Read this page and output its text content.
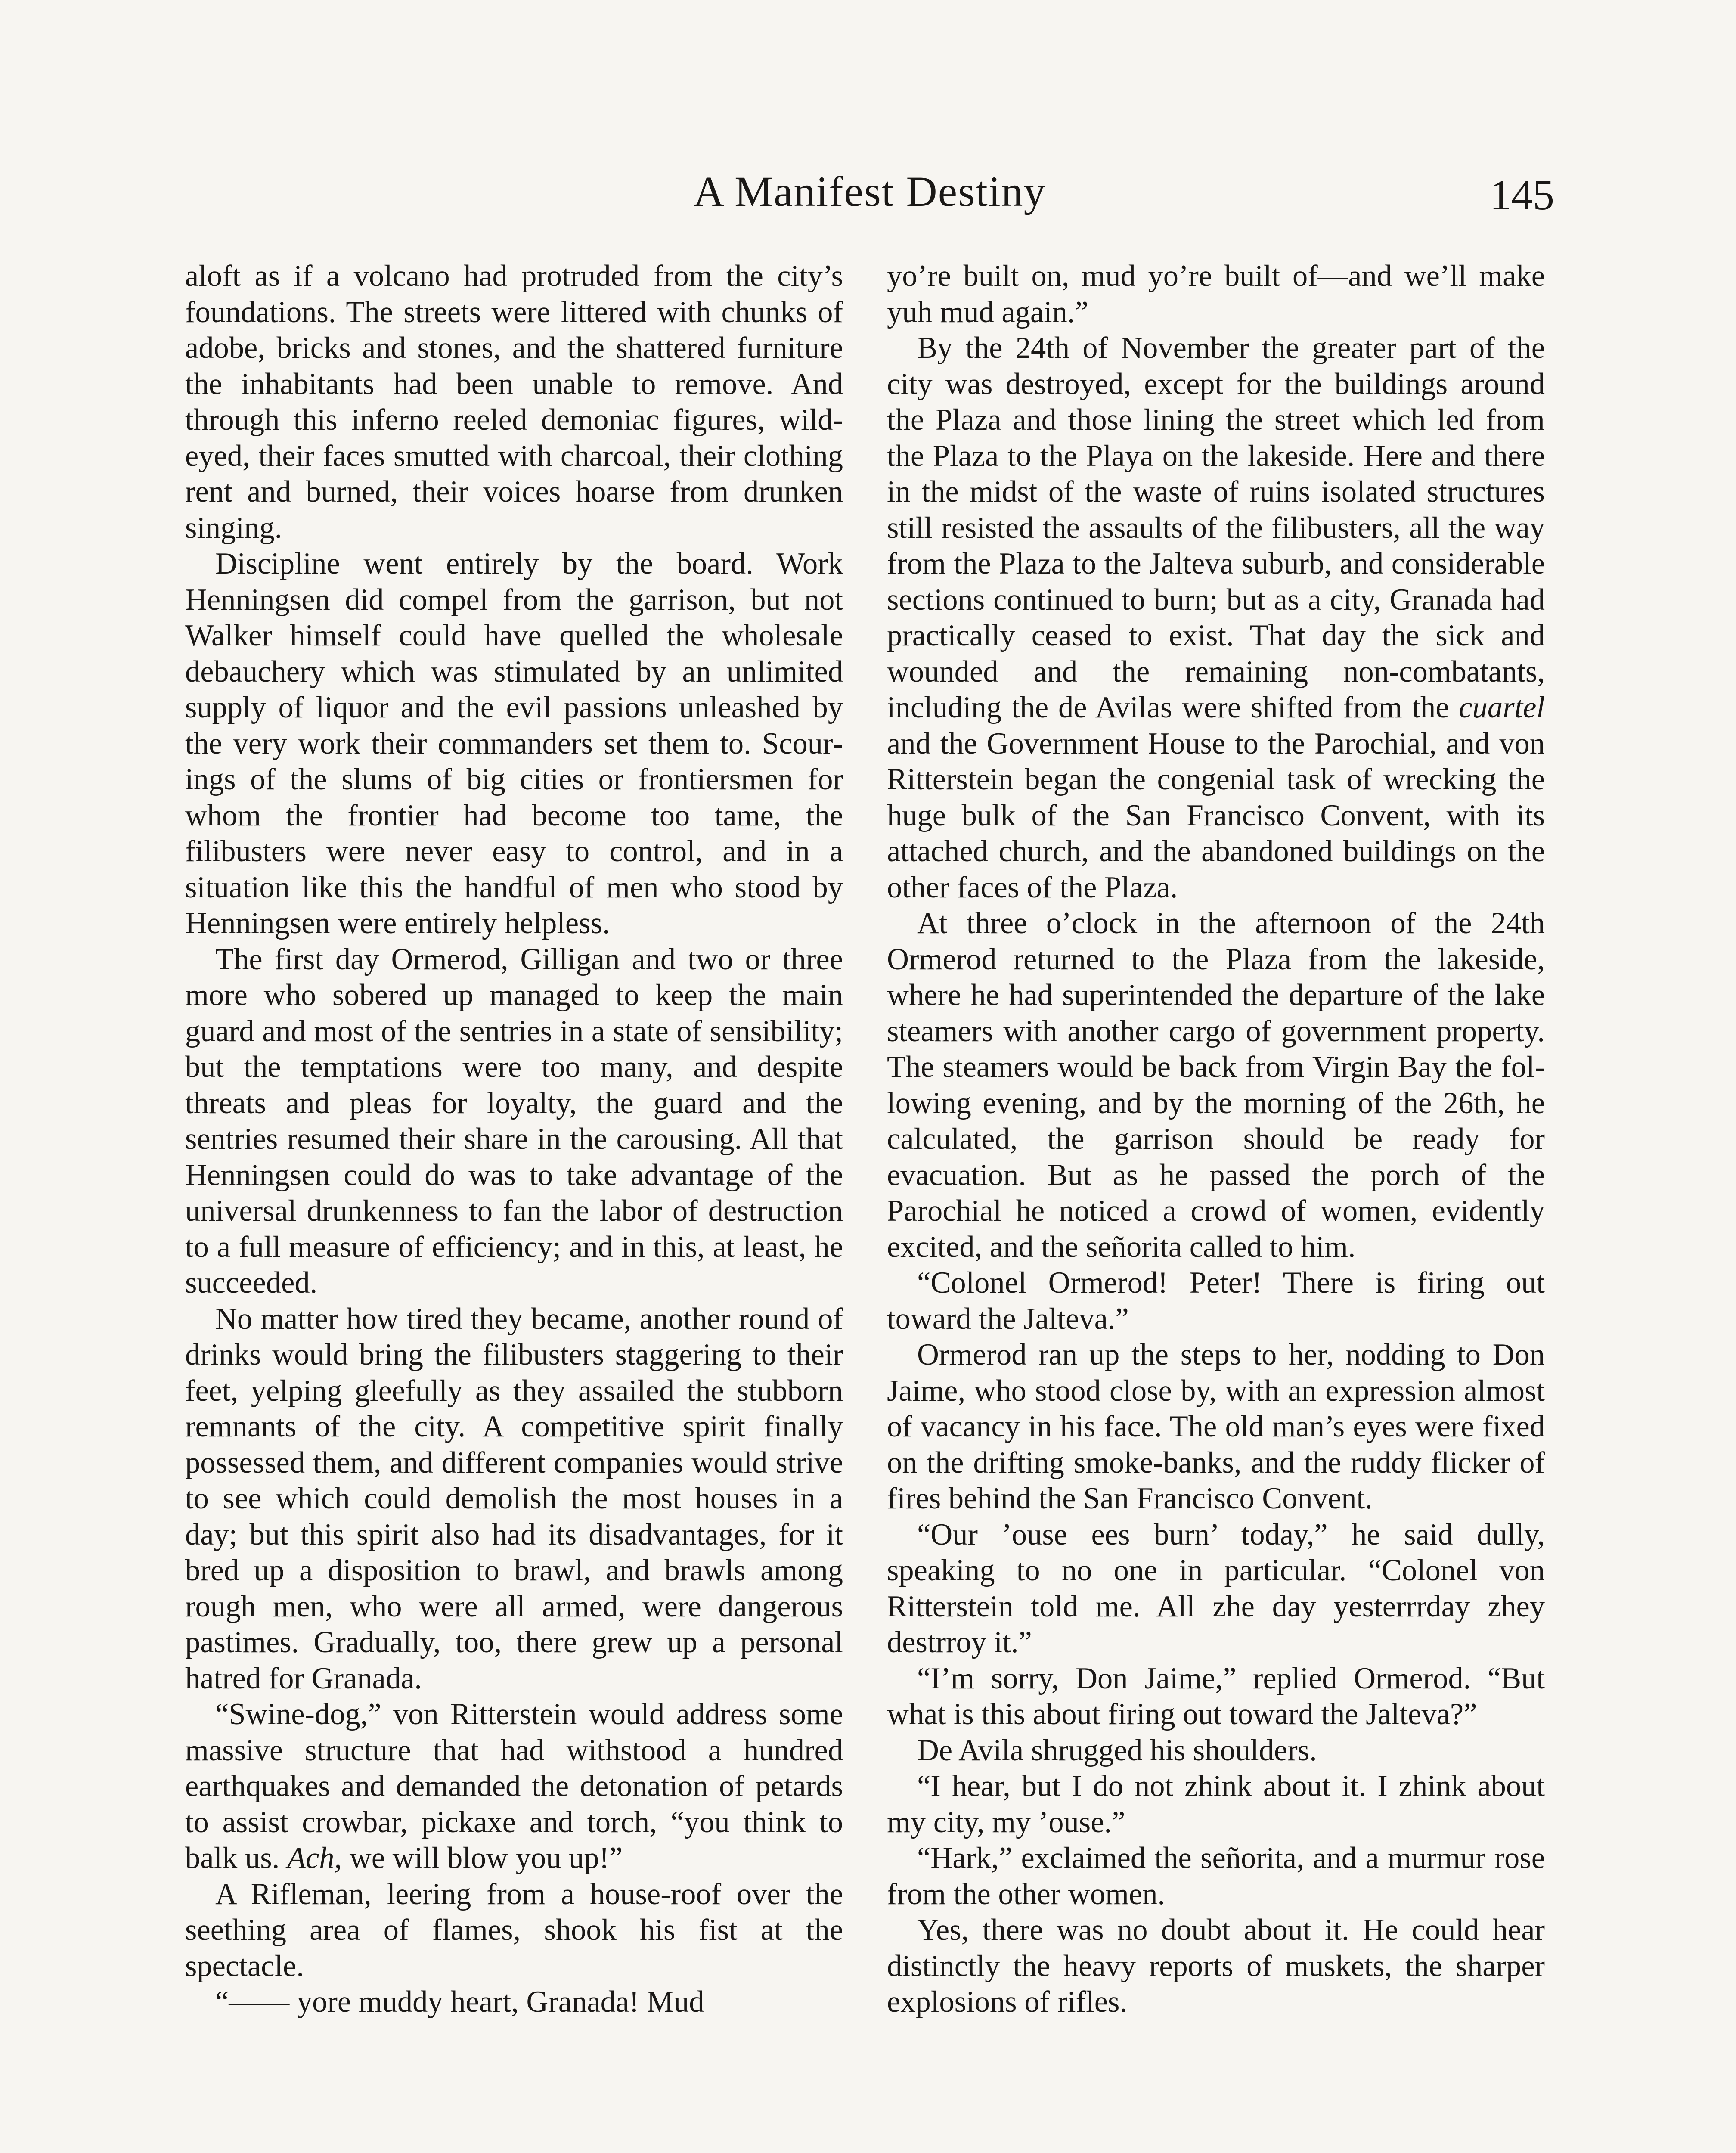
A Manifest Destiny	145

aloft as if a volcano had protruded from the city’s foundations. The streets were littered with chunks of adobe, bricks and stones, and the shattered furniture the inhabitants had been unable to remove. And through this inferno reeled demoniac figures, wild-eyed, their faces smutted with charcoal, their clothing rent and burned, their voices hoarse from drunken singing.

Discipline went entirely by the board. Work Henningsen did compel from the garrison, but not Walker himself could have quelled the wholesale debauchery which was stimulated by an unlimited supply of liquor and the evil passions unleashed by the very work their commanders set them to. Scourings of the slums of big cities or frontiersmen for whom the frontier had become too tame, the filibusters were never easy to control, and in a situation like this the handful of men who stood by Henningsen were entirely helpless.

The first day Ormerod, Gilligan and two or three more who sobered up managed to keep the main guard and most of the sentries in a state of sensibility; but the temptations were too many, and despite threats and pleas for loyalty, the guard and the sentries resumed their share in the carousing. All that Henningsen could do was to take advantage of the universal drunkenness to fan the labor of destruction to a full measure of efficiency; and in this, at least, he succeeded.

No matter how tired they became, another round of drinks would bring the filibusters staggering to their feet, yelping gleefully as they assailed the stubborn remnants of the city. A competitive spirit finally possessed them, and different companies would strive to see which could demolish the most houses in a day; but this spirit also had its disadvantages, for it bred up a disposition to brawl, and brawls among rough men, who were all armed, were dangerous pastimes. Gradually, too, there grew up a personal hatred for Granada.

“Swine-dog,” von Ritterstein would address some massive structure that had withstood a hundred earthquakes and demanded the detonation of petards to assist crowbar, pickaxe and torch, “you think to balk us. Ach, we will blow you up!”

A Rifleman, leering from a house-roof over the seething area of flames, shook his fist at the spectacle.

“—— yore muddy heart, Granada! Mud

yo’re built on, mud yo’re built of—and we’ll make yuh mud again.”

By the 24th of November the greater part of the city was destroyed, except for the buildings around the Plaza and those lining the street which led from the Plaza to the Playa on the lakeside. Here and there in the midst of the waste of ruins isolated structures still resisted the assaults of the filibusters, all the way from the Plaza to the Jalteva suburb, and considerable sections continued to burn; but as a city, Granada had practically ceased to exist. That day the sick and wounded and the remaining non-combatants, including the de Avilas were shifted from the cuartel and the Government House to the Parochial, and von Ritterstein began the congenial task of wrecking the huge bulk of the San Francisco Convent, with its attached church, and the abandoned buildings on the other faces of the Plaza.

At three o’clock in the afternoon of the 24th Ormerod returned to the Plaza from the lakeside, where he had superintended the departure of the lake steamers with another cargo of government property. The steamers would be back from Virgin Bay the following evening, and by the morning of the 26th, he calculated, the garrison should be ready for evacuation. But as he passed the porch of the Parochial he noticed a crowd of women, evidently excited, and the señorita called to him.

“Colonel Ormerod! Peter! There is firing out toward the Jalteva.”

Ormerod ran up the steps to her, nodding to Don Jaime, who stood close by, with an expression almost of vacancy in his face. The old man’s eyes were fixed on the drifting smoke-banks, and the ruddy flicker of fires behind the San Francisco Convent.

“Our ’ouse ees burn’ today,” he said dully, speaking to no one in particular. “Colonel von Ritterstein told me. All zhe day yesterrrday zhey destrroy it.”

“I’m sorry, Don Jaime,” replied Ormerod. “But what is this about firing out toward the Jalteva?”

De Avila shrugged his shoulders.

“I hear, but I do not zhink about it. I zhink about my city, my ’ouse.”

“Hark,” exclaimed the señorita, and a murmur rose from the other women.

Yes, there was no doubt about it. He could hear distinctly the heavy reports of muskets, the sharper explosions of rifles.
